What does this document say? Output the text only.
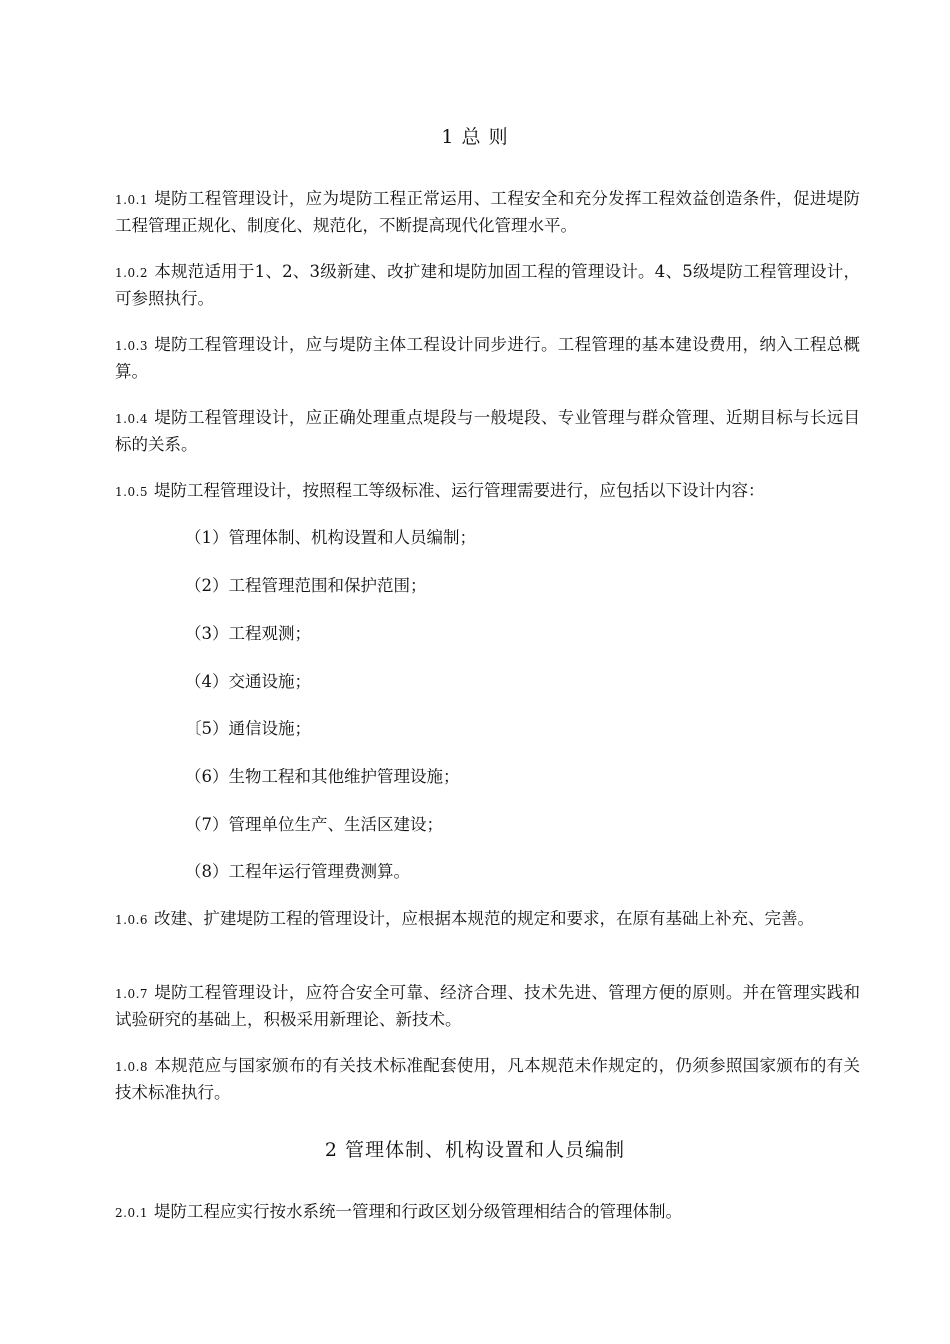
1 总 则
1.0.1 堤防工程管理设计，应为堤防工程正常运用、工程安全和充分发挥工程效益创造条件，促进堤防工程管理正规化、制度化、规范化，不断提高现代化管理水平。
1.0.2 本规范适用于1、2、3级新建、改扩建和堤防加固工程的管理设计。4、5级堤防工程管理设计，可参照执行。
1.0.3 堤防工程管理设计，应与堤防主体工程设计同步进行。工程管理的基本建设费用，纳入工程总概算。
1.0.4 堤防工程管理设计，应正确处理重点堤段与一般堤段、专业管理与群众管理、近期目标与长远目标的关系。
1.0.5 堤防工程管理设计，按照程工等级标准、运行管理需要进行，应包括以下设计内容：
（1）管理体制、机构设置和人员编制；
（2）工程管理范围和保护范围；
（3）工程观测；
（4）交通设施；
〔5）通信设施；
（6）生物工程和其他维护管理设施；
（7）管理单位生产、生活区建设；
（8）工程年运行管理费测算。
1.0.6 改建、扩建堤防工程的管理设计，应根据本规范的规定和要求，在原有基础上补充、完善。
1.0.7 堤防工程管理设计，应符合安全可靠、经济合理、技术先进、管理方便的原则。并在管理实践和试验研究的基础上，积极采用新理论、新技术。
1.0.8 本规范应与国家颁布的有关技术标准配套使用，凡本规范未作规定的，仍须参照国家颁布的有关技术标准执行。
2 管理体制、机构设置和人员编制
2.0.1 堤防工程应实行按水系统一管理和行政区划分级管理相结合的管理体制。
